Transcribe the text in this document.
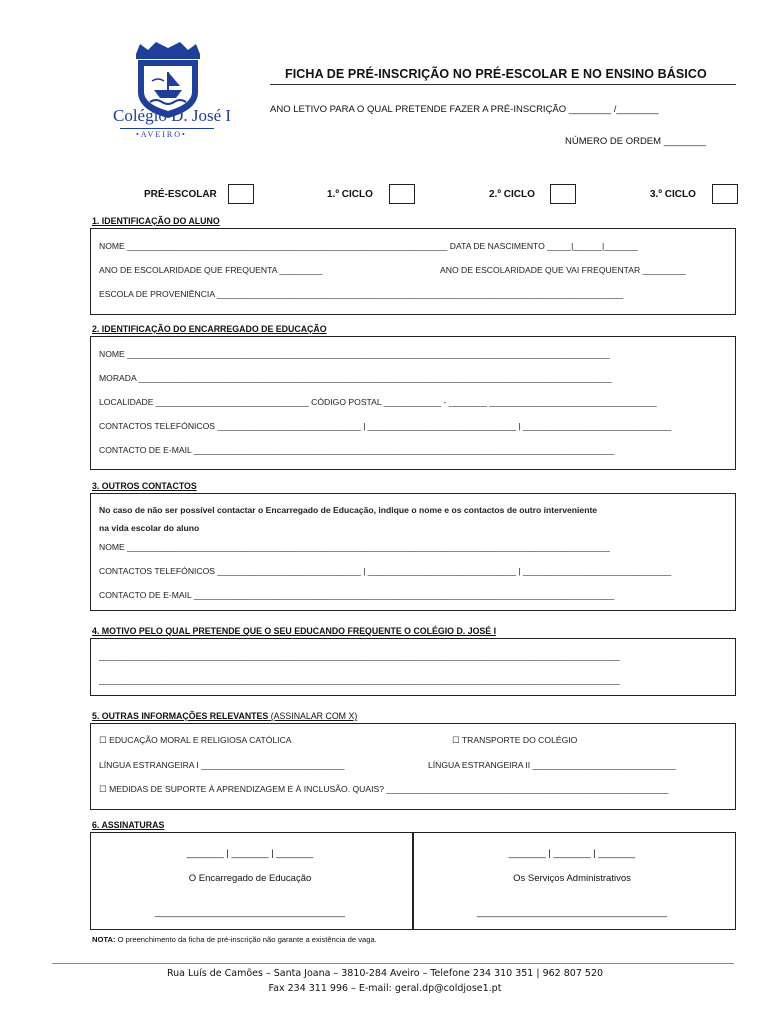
Colégio D. José I
•AVEIRO•
FICHA DE PRÉ-INSCRIÇÃO NO PRÉ-ESCOLAR E NO ENSINO BÁSICO
ANO LETIVO PARA O QUAL PRETENDE FAZER A PRÉ-INSCRIÇÃO ________ /________
NÚMERO DE ORDEM ________
PRÉ-ESCOLAR	1.º CICLO	2.º CICLO	3.º CICLO
1. IDENTIFICAÇÃO DO ALUNO
NOME ___________________________________________________________________ DATA DE NASCIMENTO _____|______|_______
ANO DE ESCOLARIDADE QUE FREQUENTA _________	ANO DE ESCOLARIDADE QUE VAI FREQUENTAR _________
ESCOLA DE PROVENIÊNCIA _____________________________________________________________________________________
2. IDENTIFICAÇÃO DO ENCARREGADO DE EDUCAÇÃO
NOME _____________________________________________________________________________________________________
MORADA ___________________________________________________________________________________________________
LOCALIDADE ________________________________ CÓDIGO POSTAL ____________ - ________ ___________________________________
CONTACTOS TELEFÓNICOS ______________________________ | _______________________________ | _______________________________
CONTACTO DE E-MAIL ________________________________________________________________________________________
3. OUTROS CONTACTOS
No caso de não ser possível contactar o Encarregado de Educação, indique o nome e os contactos de outro interveniente
na vida escolar do aluno
NOME _____________________________________________________________________________________________________
CONTACTOS TELEFÓNICOS ______________________________ | _______________________________ | _______________________________
CONTACTO DE E-MAIL ________________________________________________________________________________________
4. MOTIVO PELO QUAL PRETENDE QUE O SEU EDUCANDO FREQUENTE O COLÉGIO D. JOSÉ I
_____________________________________________________________________________________________________________
_____________________________________________________________________________________________________________
5. OUTRAS INFORMAÇÕES RELEVANTES (ASSINALAR COM X)
☐ EDUCAÇÃO MORAL E RELIGIOSA CATÓLICA	☐ TRANSPORTE DO COLÉGIO
LÍNGUA ESTRANGEIRA I ______________________________	LÍNGUA ESTRANGEIRA II ______________________________
☐ MEDIDAS DE SUPORTE À APRENDIZAGEM E À INCLUSÃO. QUAIS? ___________________________________________________________
6. ASSINATURAS
_______ | _______ | _______	_______ | _______ | _______
O Encarregado de Educação	Os Serviços Administrativos
____________________________________	____________________________________
NOTA: O preenchimento da ficha de pré-inscrição não garante a existência de vaga.
Rua Luís de Camões – Santa Joana – 3810-284 Aveiro – Telefone 234 310 351 | 962 807 520
Fax 234 311 996 – E-mail: geral.dp@coldjose1.pt
